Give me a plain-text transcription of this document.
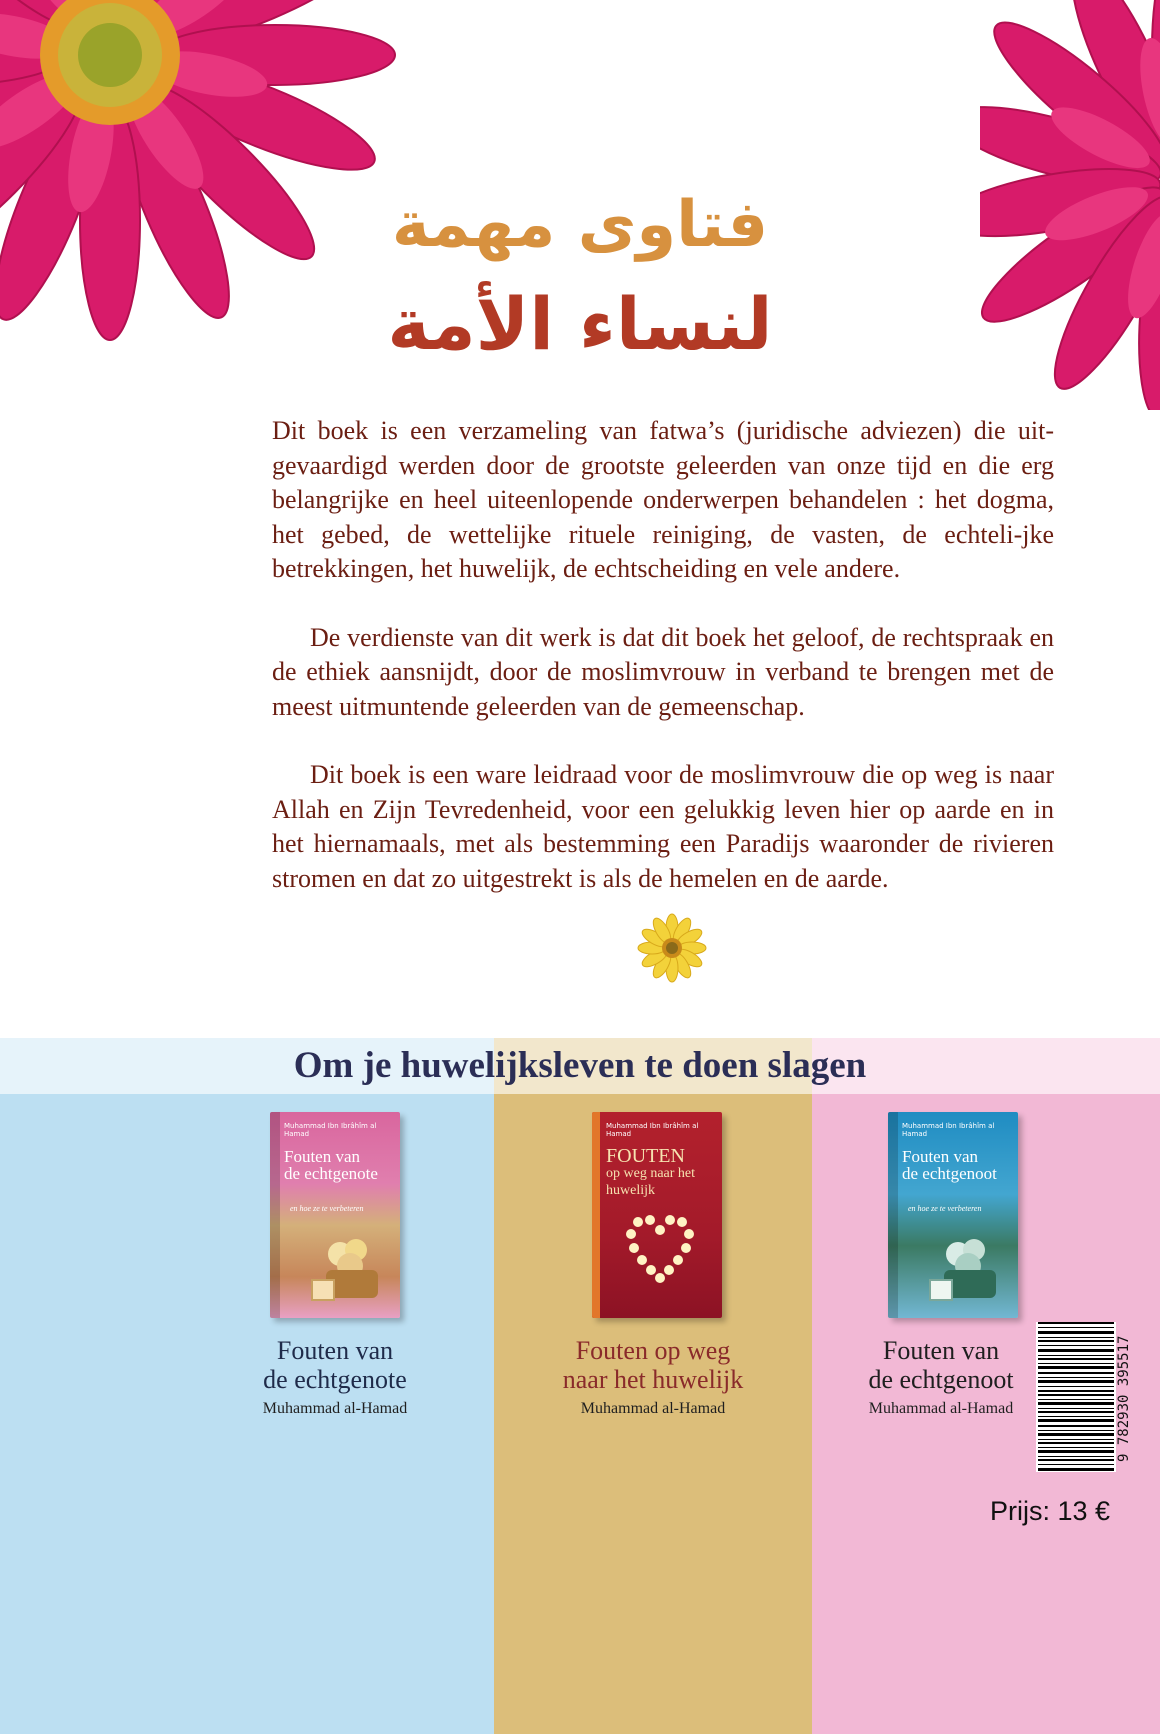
فتاوى مهمة
لنساء الأمة

Dit boek is een verzameling van fatwa’s (juridische adviezen) die uit-gevaardigd werden door de grootste geleerden van onze tijd en die erg belangrijke en heel uiteenlopende onderwerpen behandelen : het dogma, het gebed, de wettelijke rituele reiniging, de vasten, de echteli-jke betrekkingen, het huwelijk, de echtscheiding en vele andere.

De verdienste van dit werk is dat dit boek het geloof, de rechtspraak en de ethiek aansnijdt, door de moslimvrouw in verband te brengen met de meest uitmuntende geleerden van de gemeenschap.

Dit boek is een ware leidraad voor de moslimvrouw die op weg is naar Allah en Zijn Tevredenheid, voor een gelukkig leven hier op aarde en in het hiernamaals, met als bestemming een Paradijs waaronder de rivieren stromen en dat zo uitgestrekt is als de hemelen en de aarde.

Om je huwelijksleven te doen slagen
Muhammad Ibn Ibrâhîm al Hamad
Fouten van
de echtgenote
en hoe ze te verbeteren
Muhammad Ibn Ibrâhîm al Hamad
FOUTEN
op weg naar het huwelijk
Muhammad Ibn Ibrâhîm al Hamad
Fouten van
de echtgenoot
en hoe ze te verbeteren
Fouten van
de echtgenote
Muhammad al-Hamad
Fouten op weg
naar het huwelijk
Muhammad al-Hamad
Fouten van
de echtgenoot
Muhammad al-Hamad	9 782930 395517
Prijs: 13 €
